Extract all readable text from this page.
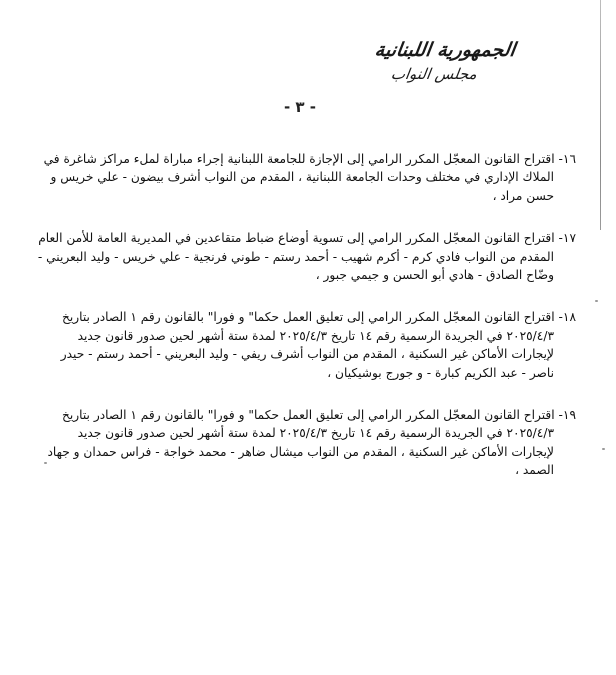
الجمهورية اللبنانية
مجلس النواب
- ٣ -
١٦- اقتراح القانون المعجّل المكرر الرامي إلى الإجازة للجامعة اللبنانية إجراء مباراة لملء مراكز شاغرة في الملاك الإداري في مختلف وحدات الجامعة اللبنانية ، المقدم من النواب أشرف بيضون - علي خريس و حسن مراد ،
١٧- اقتراح القانون المعجّل المكرر الرامي إلى تسوية أوضاع ضباط متقاعدين في المديرية العامة للأمن العام المقدم من النواب فادي كرم - أكرم شهيب - أحمد رستم - طوني فرنجية - علي خريس - وليد البعريني - وضّاح الصادق - هادي أبو الحسن و جيمي جبور ،
١٨- اقتراح القانون المعجّل المكرر الرامي إلى تعليق العمل حكما" و فورا" بالقانون رقم ١ الصادر بتاريخ ٢٠٢٥/٤/٣ في الجريدة الرسمية رقم ١٤ تاريخ ٢٠٢٥/٤/٣ لمدة ستة أشهر لحين صدور قانون جديد لإيجارات الأماكن غير السكنية ، المقدم من النواب أشرف ريفي - وليد البعريني - أحمد رستم - حيدر ناصر - عبد الكريم كبارة - و جورج بوشيكيان ،
١٩- اقتراح القانون المعجّل المكرر الرامي إلى تعليق العمل حكما" و فورا" بالقانون رقم ١ الصادر بتاريخ ٢٠٢٥/٤/٣ في الجريدة الرسمية رقم ١٤ تاريخ ٢٠٢٥/٤/٣ لمدة ستة أشهر لحين صدور قانون جديد لإيجارات الأماكن غير السكنية ، المقدم من النواب ميشال ضاهر - محمد خواجة - فراس حمدان و جهاد الصمد ،
